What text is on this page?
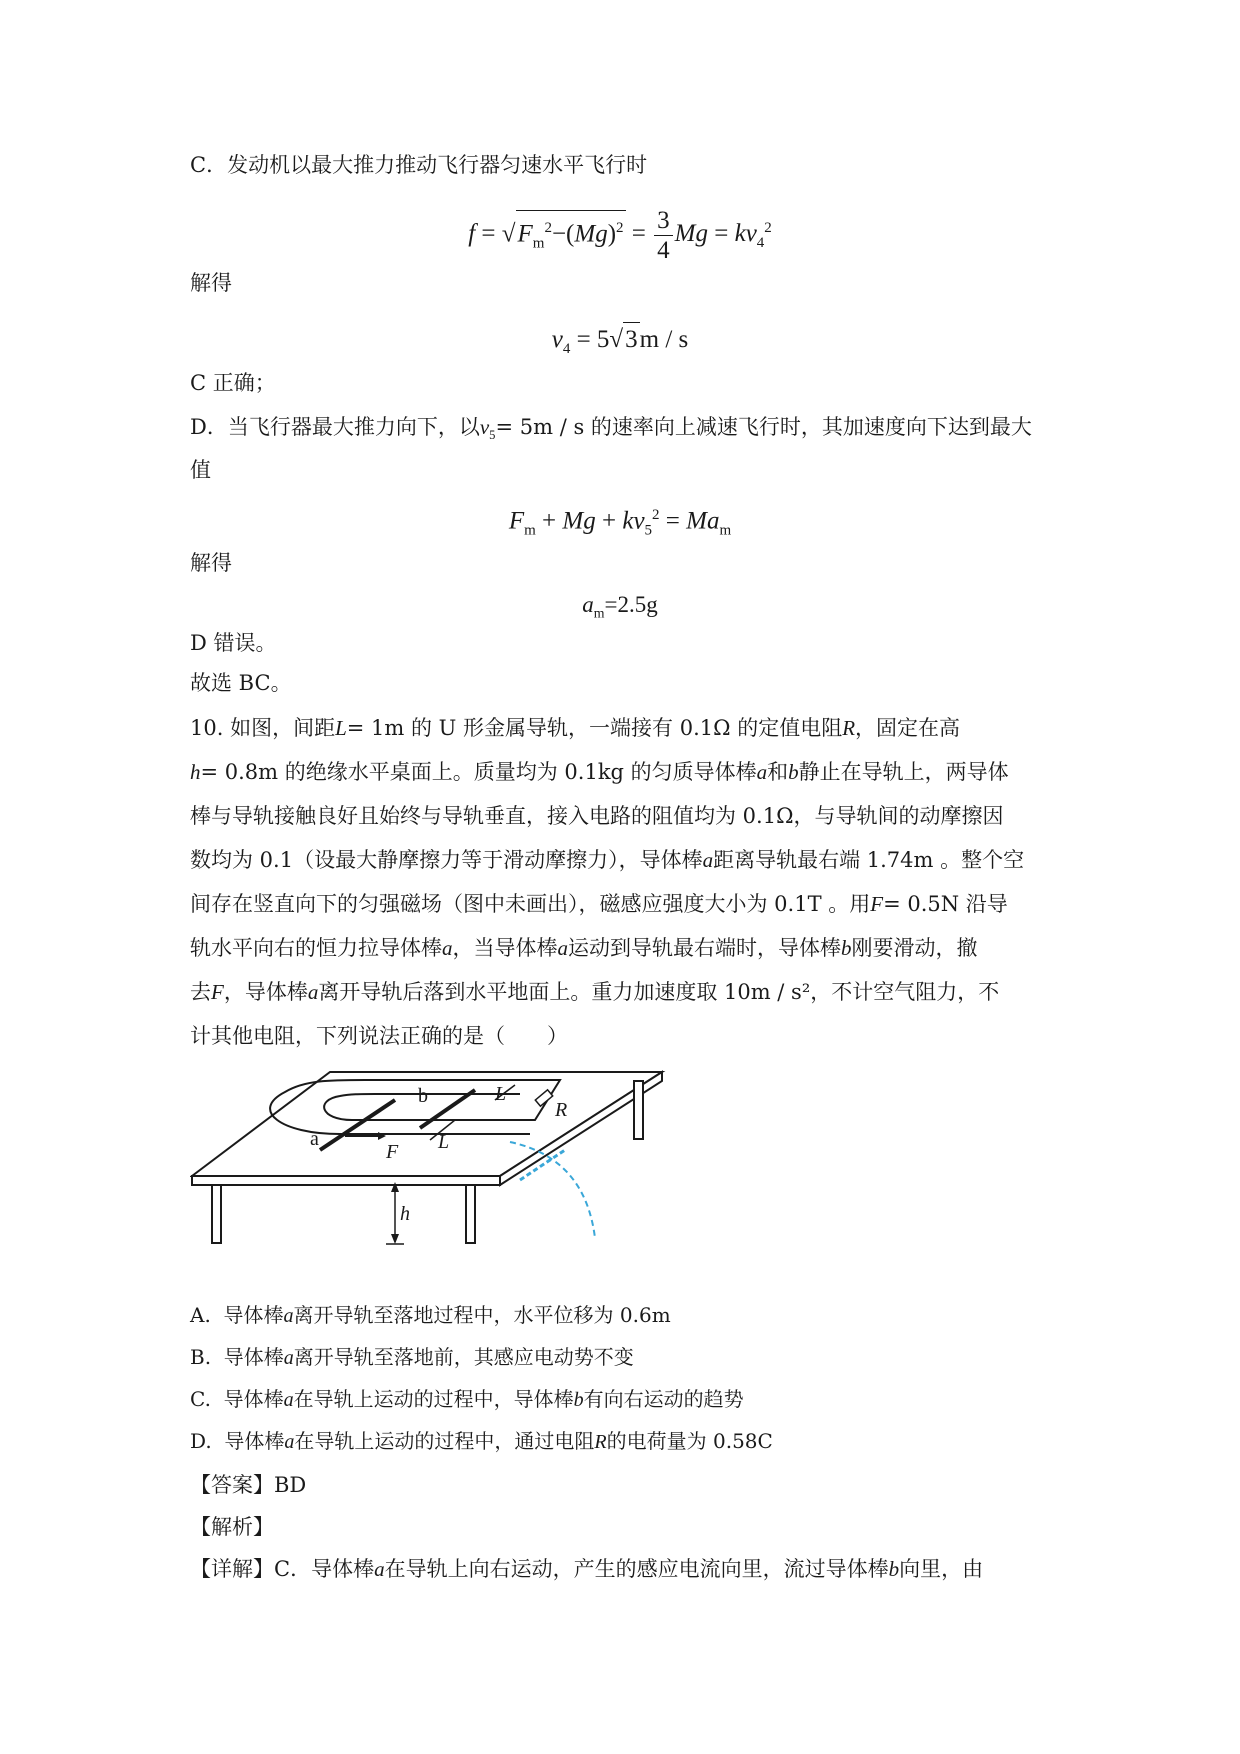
C．发动机以最大推力推动飞行器匀速水平飞行时
$f = √F_m^2-(Mg)^2 = \frac{3}{4}$ $Mg = kv_4^2$
解得
$v_4 = 5√3m / s$
C 正确；
D．当飞行器最大推力向下，以$v_5= 5m / s$ 的速率向上减速飞行时，其加速度向下达到最大
值
$F_m + Mg + kv_5^2 = Ma_m$
解得
$a_m=2.5g$
D 错误。
故选 BC。
10. 如图，间距L= 1m 的 U 形金属导轨，一端接有 0.1Ω 的定值电阻R，固定在高
h= 0.8m 的绝缘水平桌面上。质量均为 0.1kg 的匀质导体棒a和b静止在导轨上，两导体
棒与导轨接触良好且始终与导轨垂直，接入电路的阻值均为 0.1Ω，与导轨间的动摩擦因
数均为 0.1（设最大静摩擦力等于滑动摩擦力），导体棒a距离导轨最右端 1.74m 。整个空
间存在竖直向下的匀强磁场（图中未画出），磁感应强度大小为 0.1T 。用F= 0.5N 沿导
轨水平向右的恒力拉导体棒a，当导体棒a运动到导轨最右端时，导体棒b刚要滑动，撤
去F，导体棒a离开导轨后落到水平地面上。重力加速度取 10m / s²，不计空气阻力，不
计其他电阻，下列说法正确的是（　　）
a
b
F L
L
R
h
A. 导体棒a离开导轨至落地过程中，水平位移为 0.6m
B. 导体棒a离开导轨至落地前，其感应电动势不变
C. 导体棒a在导轨上运动的过程中，导体棒b有向右运动的趋势
D. 导体棒a在导轨上运动的过程中，通过电阻R的电荷量为 0.58C
【答案】BD
【解析】
【详解】C．导体棒a在导轨上向右运动，产生的感应电流向里，流过导体棒b向里，由
